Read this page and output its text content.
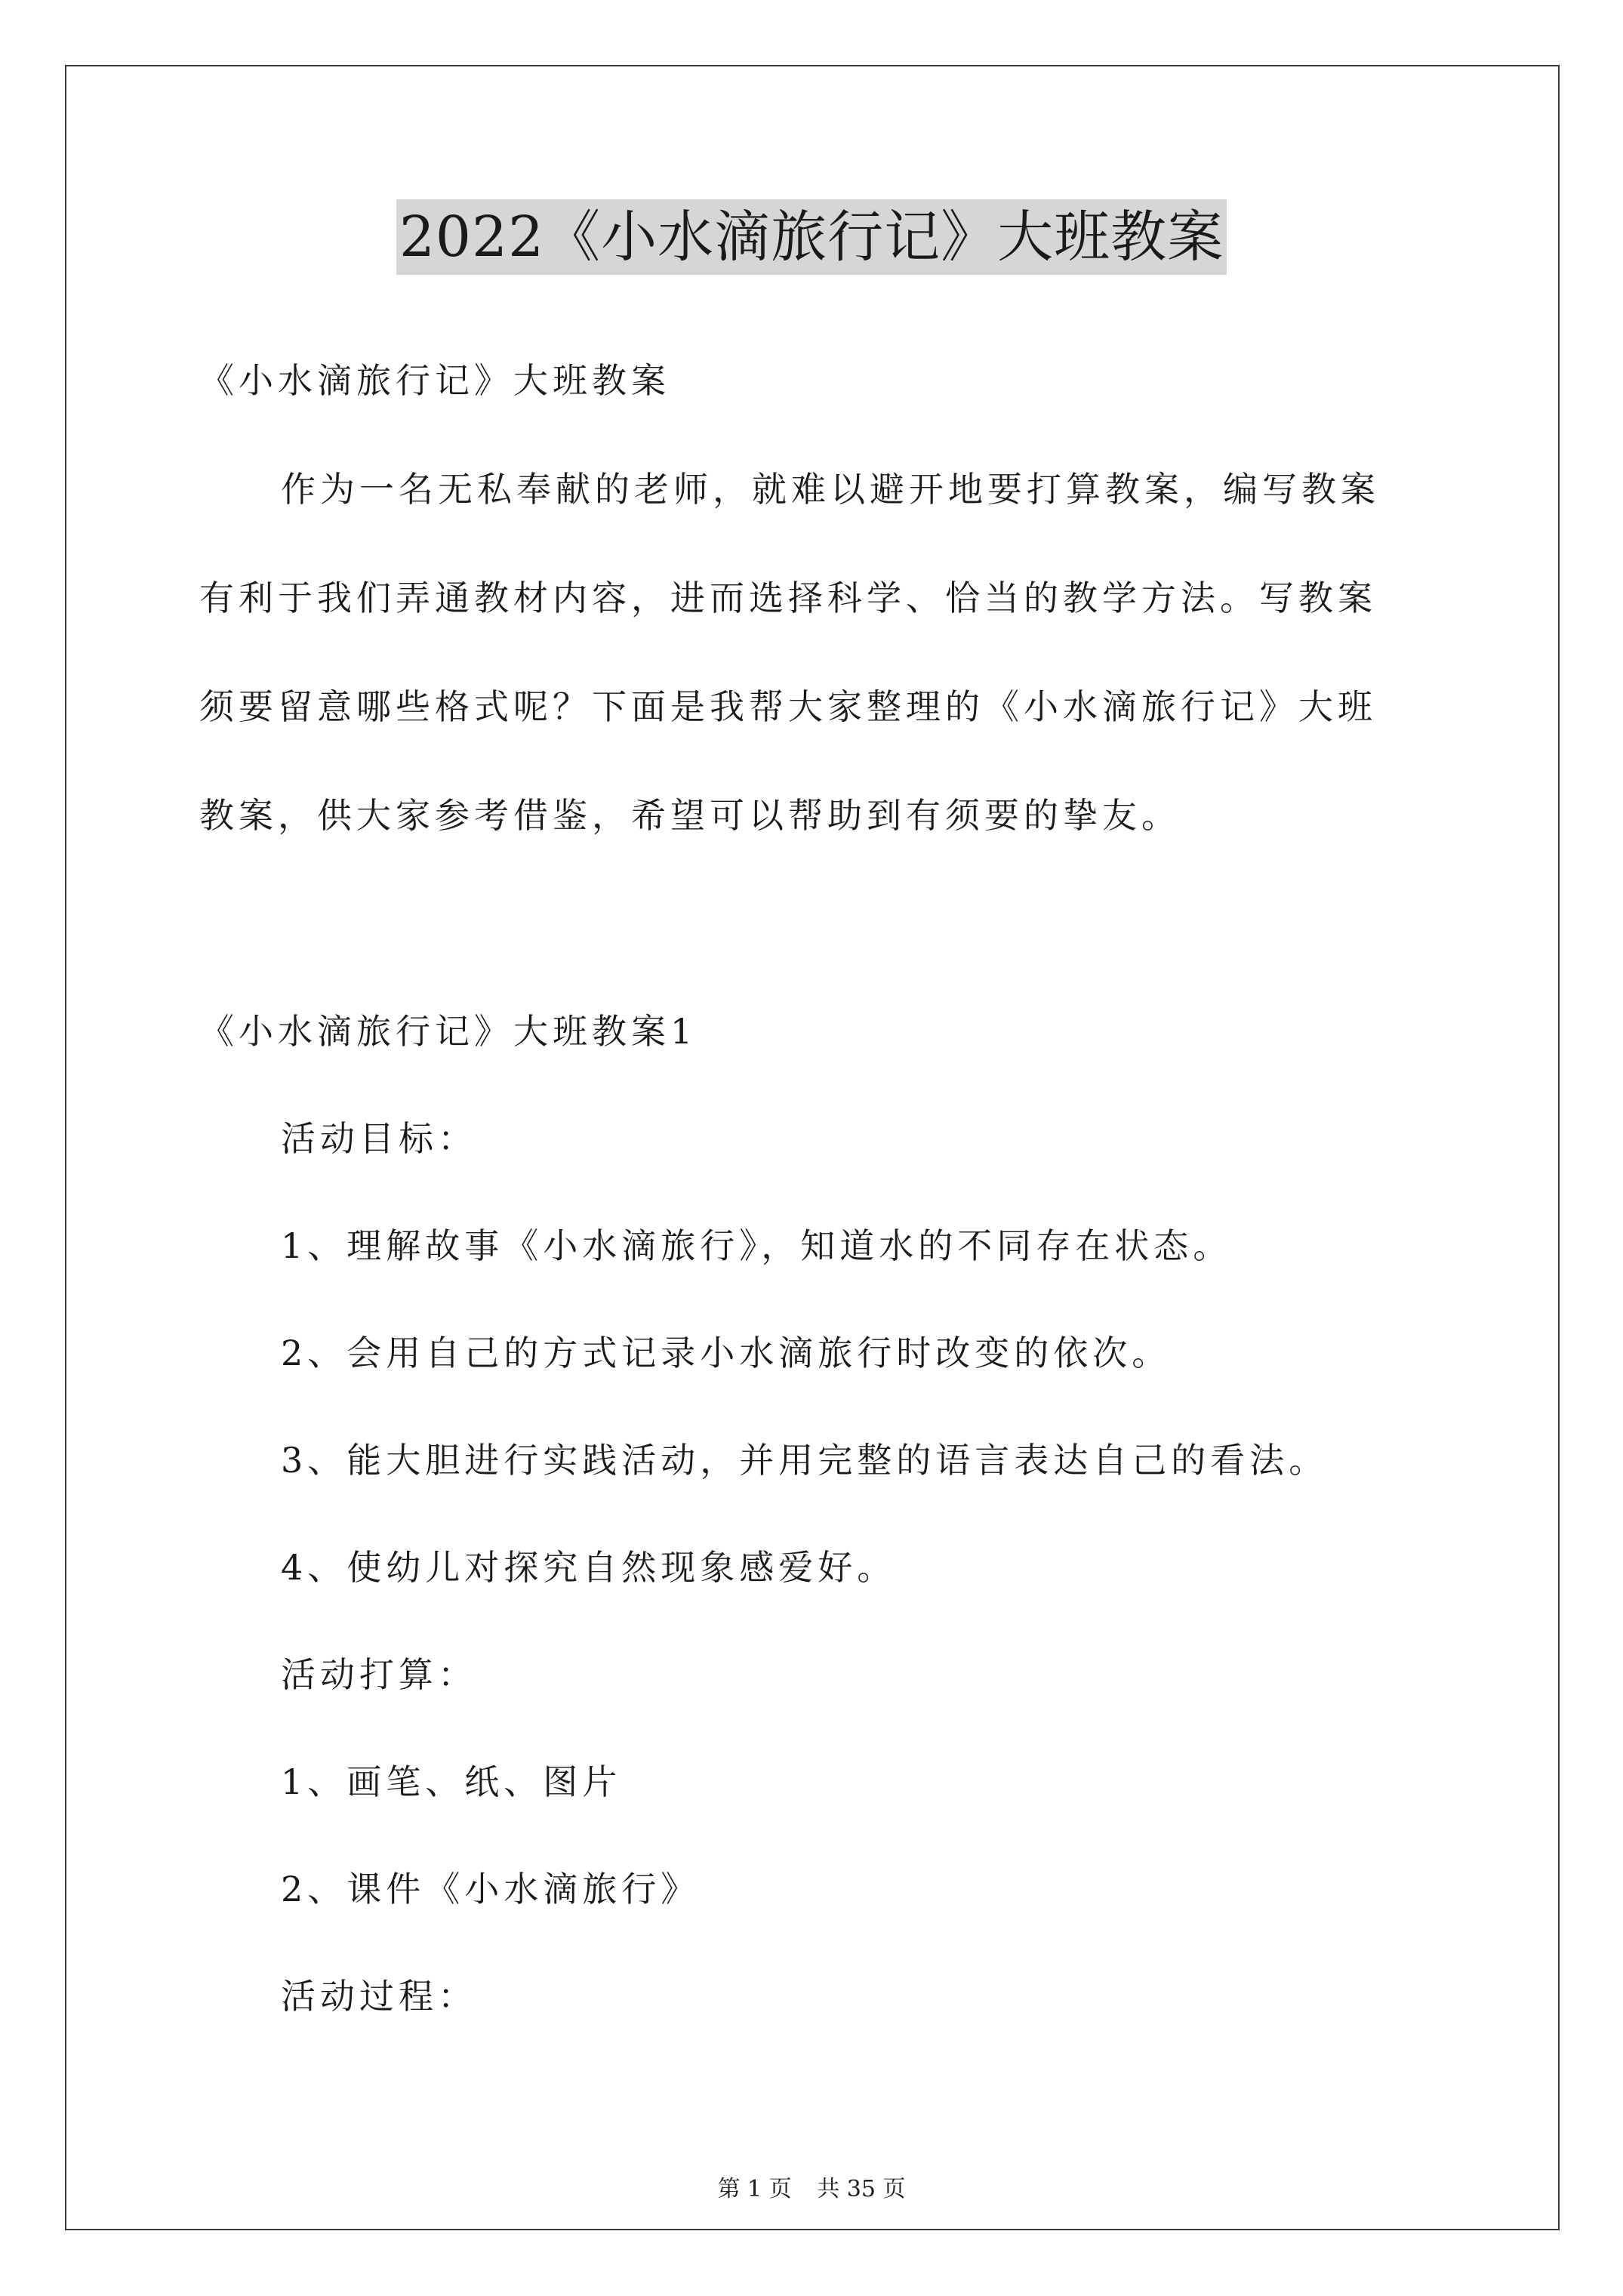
2022《小水滴旅行记》大班教案
《小水滴旅行记》大班教案
作为一名无私奉献的老师，就难以避开地要打算教案，编写教案
有利于我们弄通教材内容，进而选择科学、恰当的教学方法。写教案
须要留意哪些格式呢？下面是我帮大家整理的《小水滴旅行记》大班
教案，供大家参考借鉴，希望可以帮助到有须要的挚友。
《小水滴旅行记》大班教案1
活动目标：
1、理解故事《小水滴旅行》，知道水的不同存在状态。
2、会用自己的方式记录小水滴旅行时改变的依次。
3、能大胆进行实践活动，并用完整的语言表达自己的看法。
4、使幼儿对探究自然现象感爱好。
活动打算：
1、画笔、纸、图片
2、课件《小水滴旅行》
活动过程：
第 1 页 共 35 页
